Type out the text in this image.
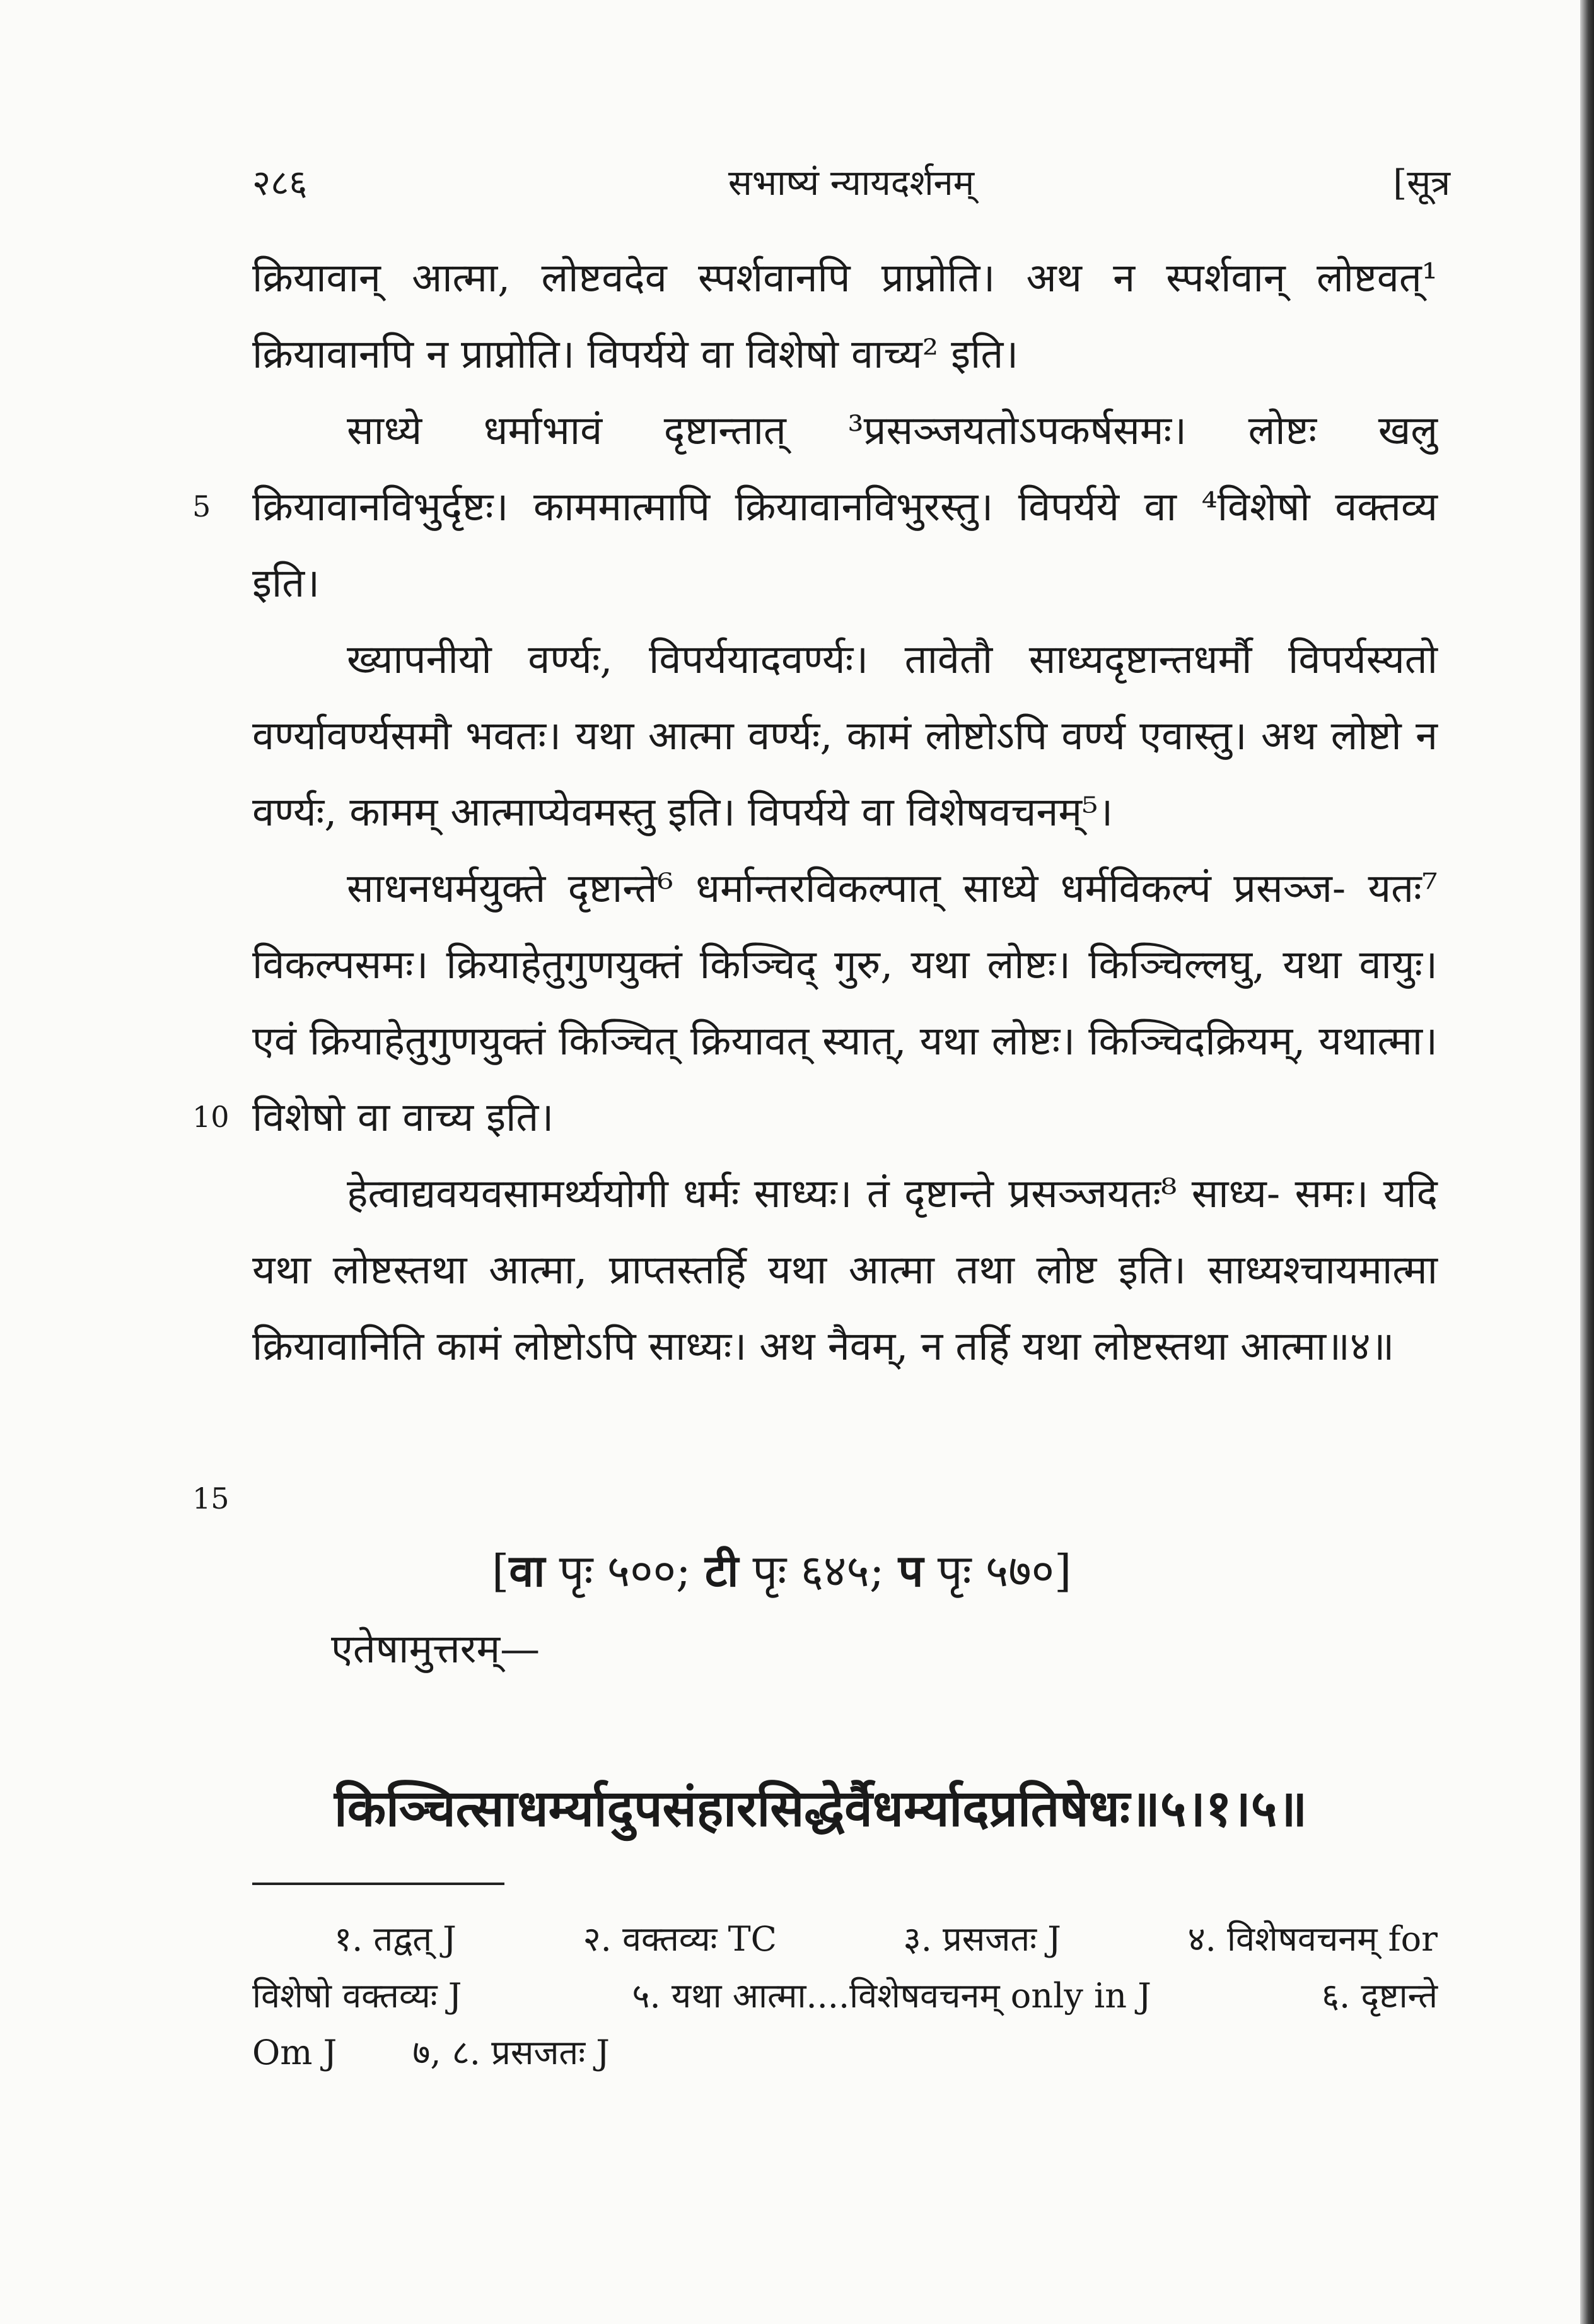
२८६	सभाष्यं न्यायदर्शनम्	[सूत्र
5
10
15

क्रियावान् आत्मा, लोष्टवदेव स्पर्शवानपि प्राप्नोति। अथ न स्पर्शवान् लोष्टवत्¹ क्रियावानपि न प्राप्नोति। विपर्यये वा विशेषो वाच्य² इति।

साध्ये धर्माभावं दृष्टान्तात् ³प्रसञ्जयतोऽपकर्षसमः। लोष्टः खलु क्रियावानविभुर्दृष्टः। काममात्मापि क्रियावानविभुरस्तु। विपर्यये वा ⁴विशेषो वक्तव्य इति।

ख्यापनीयो वर्ण्यः, विपर्ययादवर्ण्यः। तावेतौ साध्यदृष्टान्तधर्मौ विपर्यस्यतो वर्ण्यावर्ण्यसमौ भवतः। यथा आत्मा वर्ण्यः, कामं लोष्टोऽपि वर्ण्य एवास्तु। अथ लोष्टो न वर्ण्यः, कामम् आत्माप्येवमस्तु इति। विपर्यये वा विशेषवचनम्⁵।

साधनधर्मयुक्ते दृष्टान्ते⁶ धर्मान्तरविकल्पात् साध्ये धर्मविकल्पं प्रसञ्ज- यतः⁷ विकल्पसमः। क्रियाहेतुगुणयुक्तं किञ्चिद् गुरु, यथा लोष्टः। किञ्चिल्लघु, यथा वायुः। एवं क्रियाहेतुगुणयुक्तं किञ्चित् क्रियावत् स्यात्, यथा लोष्टः। किञ्चिदक्रियम्, यथात्मा। विशेषो वा वाच्य इति।

हेत्वाद्यवयवसामर्थ्ययोगी धर्मः साध्यः। तं दृष्टान्ते प्रसञ्जयतः⁸ साध्य- समः। यदि यथा लोष्टस्तथा आत्मा, प्राप्तस्तर्हि यथा आत्मा तथा लोष्ट इति। साध्यश्चायमात्मा क्रियावानिति कामं लोष्टोऽपि साध्यः। अथ नैवम्, न तर्हि यथा लोष्टस्तथा आत्मा॥४॥

[वा पृः ५००; टी पृः ६४५; प पृः ५७०]
एतेषामुत्तरम्—
किञ्चित्साधर्म्यादुपसंहारसिद्धेर्वैधर्म्यादप्रतिषेधः॥५।१।५॥
१. तद्वत् J	२. वक्तव्यः TC	३. प्रसजतः J	४. विशेषवचनम् for
विशेषो वक्तव्यः J	५. यथा आत्मा....विशेषवचनम् only in J	६. दृष्टान्ते
Om J ७, ८. प्रसजतः J
